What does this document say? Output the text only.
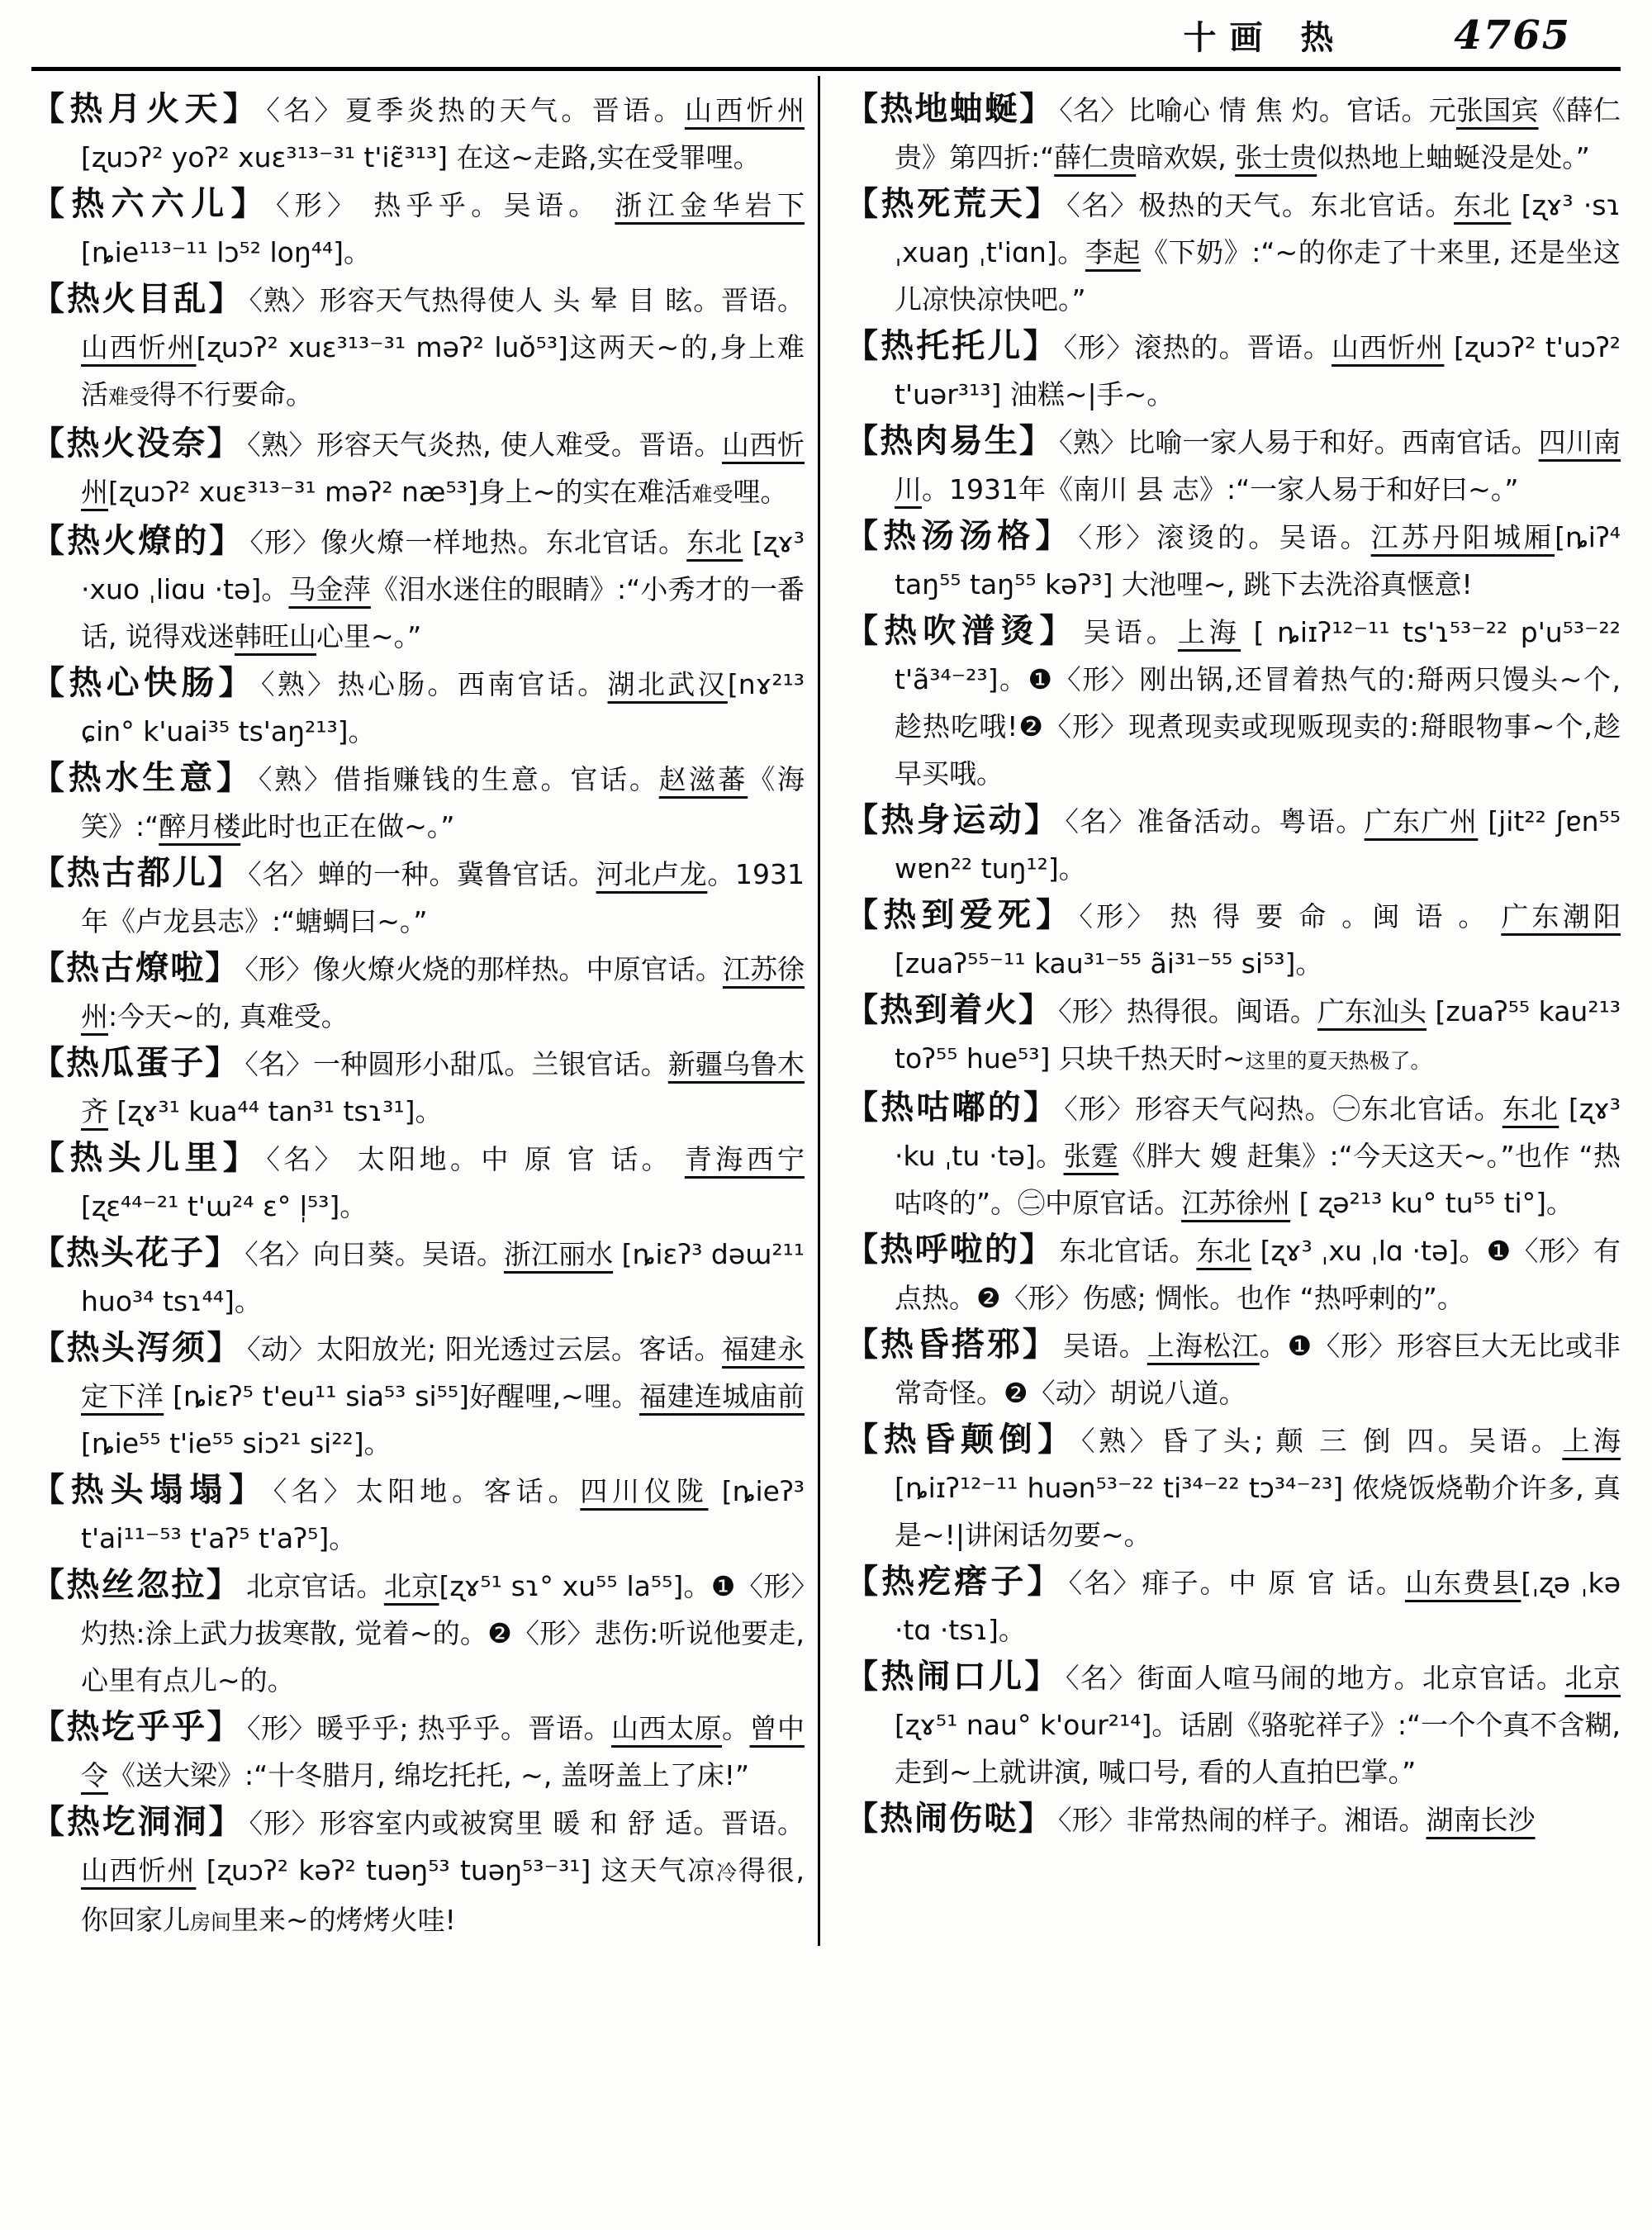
十画 热	4765
【热月火天】 〈名〉夏季炎热的天气。晋语。山西忻州 [ʐuɔʔ² yoʔ² xuɛ³¹³⁻³¹ t'iɛ̃³¹³] 在这~走路,实在受罪哩。
【热六六儿】 〈形〉 热乎乎。吴语。 浙江金华岩下 [ȵie¹¹³⁻¹¹ lɔ⁵² loŋ⁴⁴]。
【热火目乱】 〈熟〉形容天气热得使人 头 晕 目 眩。晋语。山西忻州[ʐuɔʔ² xuɛ³¹³⁻³¹ məʔ² luŏ⁵³]这两天~的,身上难活难受得不行要命。
【热火没奈】 〈熟〉形容天气炎热, 使人难受。晋语。山西忻州[ʐuɔʔ² xuɛ³¹³⁻³¹ məʔ² næ⁵³]身上~的实在难活难受哩。
【热火燎的】 〈形〉像火燎一样地热。东北官话。东北 [ʐɤ³ ·xuo ˌliɑu ·tə]。马金萍《泪水迷住的眼睛》:“小秀才的一番话, 说得戏迷韩旺山心里~。”
【热心快肠】 〈熟〉热心肠。西南官话。湖北武汉[nɤ²¹³ ɕin° k'uai³⁵ ts'aŋ²¹³]。
【热水生意】 〈熟〉借指赚钱的生意。官话。赵滋蕃《海笑》:“醉月楼此时也正在做~。”
【热古都儿】 〈名〉蝉的一种。冀鲁官话。河北卢龙。1931年《卢龙县志》:“螗蜩曰~。”
【热古燎啦】 〈形〉像火燎火烧的那样热。中原官话。江苏徐州:今天~的, 真难受。
【热瓜蛋子】 〈名〉一种圆形小甜瓜。兰银官话。新疆乌鲁木齐 [ʐɤ³¹ kua⁴⁴ tan³¹ tsɿ³¹]。
【热头儿里】 〈名〉 太阳地。中 原 官 话。 青海西宁 [ʐɛ⁴⁴⁻²¹ t'ɯ²⁴ ɛ° l̩⁵³]。
【热头花子】 〈名〉向日葵。吴语。浙江丽水 [ȵiɛʔ³ dəɯ²¹¹ huo³⁴ tsɿ⁴⁴]。
【热头泻须】 〈动〉太阳放光; 阳光透过云层。客话。福建永定下洋 [ȵiɛʔ⁵ t'eu¹¹ sia⁵³ si⁵⁵]好醒哩,~哩。福建连城庙前[ȵie⁵⁵ t'ie⁵⁵ siɔ²¹ si²²]。
【热头塌塌】 〈名〉太阳地。客话。四川仪陇 [ȵieʔ³ t'ai¹¹⁻⁵³ t'aʔ⁵ t'aʔ⁵]。
【热丝忽拉】 北京官话。北京[ʐɤ⁵¹ sɿ° xu⁵⁵ la⁵⁵]。❶〈形〉灼热:涂上武力拔寒散, 觉着~的。❷〈形〉悲伤:听说他要走, 心里有点儿~的。
【热圪乎乎】 〈形〉暖乎乎; 热乎乎。晋语。山西太原。曾中令《送大梁》:“十冬腊月, 绵圪托托, ~, 盖呀盖上了床!”
【热圪洞洞】 〈形〉形容室内或被窝里 暖 和 舒 适。晋语。山西忻州 [ʐuɔʔ² kəʔ² tuəŋ⁵³ tuəŋ⁵³⁻³¹] 这天气凉冷得很, 你回家儿房间里来~的烤烤火哇!
【热地蚰蜒】 〈名〉比喻心 情 焦 灼。官话。元张国宾《薛仁贵》第四折:“薛仁贵暗欢娱, 张士贵似热地上蚰蜒没是处。”
【热死荒天】 〈名〉极热的天气。东北官话。东北 [ʐɤ³ ·sɿ ˌxuaŋ ˌt'iɑn]。李起《下奶》:“~的你走了十来里, 还是坐这儿凉快凉快吧。”
【热托托儿】 〈形〉滚热的。晋语。山西忻州 [ʐuɔʔ² t'uɔʔ² t'uər³¹³] 油糕~|手~。
【热肉易生】 〈熟〉比喻一家人易于和好。西南官话。四川南川。1931年《南川 县 志》:“一家人易于和好曰~。”
【热汤汤格】 〈形〉滚烫的。吴语。江苏丹阳城厢[ȵiʔ⁴ taŋ⁵⁵ taŋ⁵⁵ kəʔ³] 大池哩~, 跳下去洗浴真惬意!
【热吹潽烫】 吴语。上海 [ ȵiɪʔ¹²⁻¹¹ ts'ɿ⁵³⁻²² p'u⁵³⁻²² t'ã³⁴⁻²³]。❶〈形〉刚出锅,还冒着热气的:搿两只馒头~个, 趁热吃哦!❷〈形〉现煮现卖或现贩现卖的:搿眼物事~个,趁早买哦。
【热身运动】 〈名〉准备活动。粤语。广东广州 [jit²² ʃɐn⁵⁵ wɐn²² tuŋ¹²]。
【热到爱死】 〈形〉 热 得 要 命 。闽 语 。 广东潮阳 [zuaʔ⁵⁵⁻¹¹ kau³¹⁻⁵⁵ ãi³¹⁻⁵⁵ si⁵³]。
【热到着火】 〈形〉热得很。闽语。广东汕头 [zuaʔ⁵⁵ kau²¹³ toʔ⁵⁵ hue⁵³] 只块千热天时~这里的夏天热极了。
【热咕嘟的】 〈形〉形容天气闷热。㊀东北官话。东北 [ʐɤ³ ·ku ˌtu ·tə]。张霆《胖大 嫂 赶集》:“今天这天~。”也作 “热咕咚的”。㊁中原官话。江苏徐州 [ ʐə²¹³ ku° tu⁵⁵ ti°]。
【热呼啦的】 东北官话。东北 [ʐɤ³ ˌxu ˌlɑ ·tə]。❶〈形〉有点热。❷〈形〉伤感; 惆怅。也作 “热呼剌的”。
【热昏搭邪】 吴语。上海松江。❶〈形〉形容巨大无比或非常奇怪。❷〈动〉胡说八道。
【热昏颠倒】 〈熟〉昏了头; 颠 三 倒 四。吴语。上海 [ȵiɪʔ¹²⁻¹¹ huən⁵³⁻²² ti³⁴⁻²² tɔ³⁴⁻²³] 侬烧饭烧勒介许多, 真是~!|讲闲话勿要~。
【热疙瘩子】 〈名〉痱子。中 原 官 话。山东费县[ˌʐə ˌkə ·tɑ ·tsɿ]。
【热闹口儿】 〈名〉街面人喧马闹的地方。北京官话。北京 [ʐɤ⁵¹ nau° k'our²¹⁴]。话剧《骆驼祥子》:“一个个真不含糊, 走到~上就讲演, 喊口号, 看的人直拍巴掌。”
【热闹伤哒】 〈形〉非常热闹的样子。湘语。湖南长沙
